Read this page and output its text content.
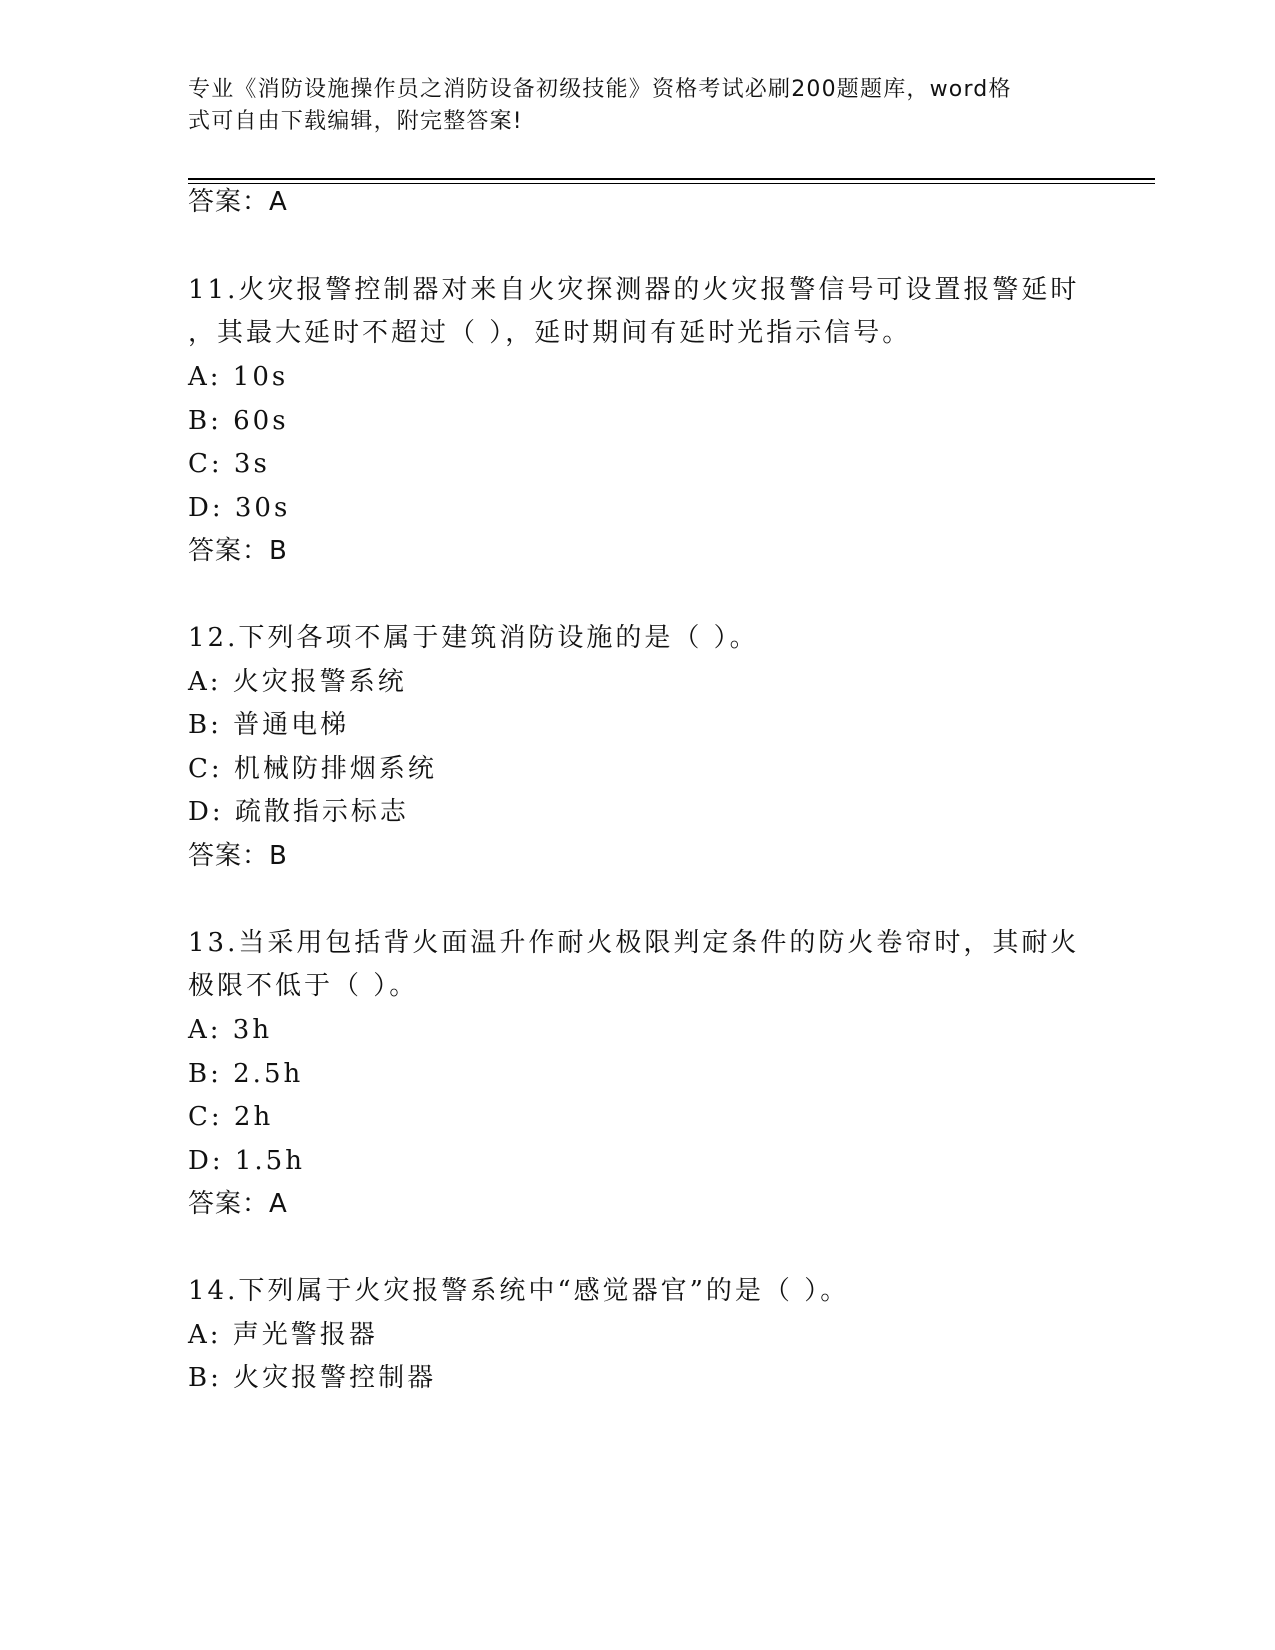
专业《消防设施操作员之消防设备初级技能》资格考试必刷200题题库，word格
式可自由下载编辑，附完整答案!
答案：A
11.火灾报警控制器对来自火灾探测器的火灾报警信号可设置报警延时
，其最大延时不超过（ ），延时期间有延时光指示信号。
A: 10s
B: 60s
C: 3s
D: 30s
答案：B
12.下列各项不属于建筑消防设施的是（ ）。
A: 火灾报警系统
B: 普通电梯
C: 机械防排烟系统
D: 疏散指示标志
答案：B
13.当采用包括背火面温升作耐火极限判定条件的防火卷帘时，其耐火
极限不低于（ ）。
A: 3h
B: 2.5h
C: 2h
D: 1.5h
答案：A
14.下列属于火灾报警系统中“感觉器官”的是（ ）。
A: 声光警报器
B: 火灾报警控制器
